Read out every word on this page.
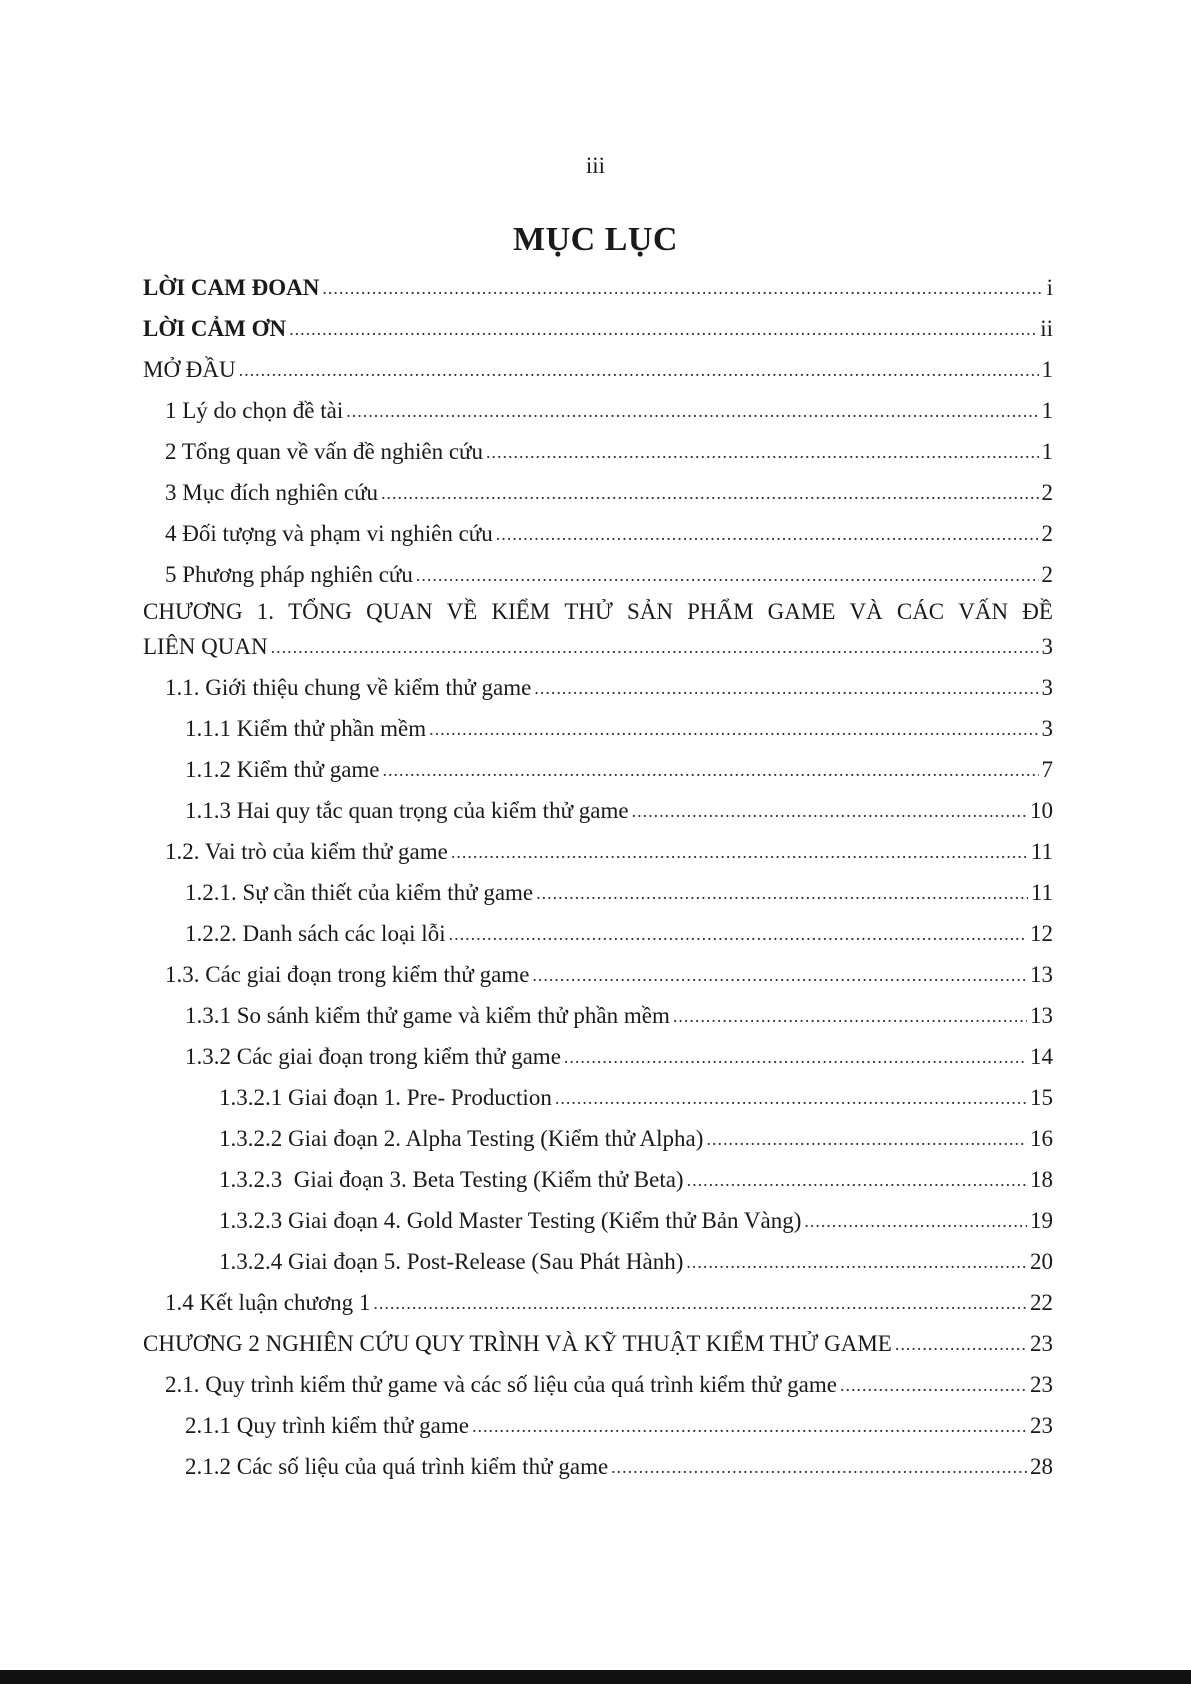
iii
MỤC LỤC
LỜI CAM ĐOAN .....	i
LỜI CẢM ƠN .....	ii
MỞ ĐẦU .....	1
1 Lý do chọn đề tài .....	1
2 Tổng quan về vấn đề nghiên cứu .....	1
3 Mục đích nghiên cứu .....	2
4 Đối tượng và phạm vi nghiên cứu .....	2
5 Phương pháp nghiên cứu .....	2
CHƯƠNG 1. TỔNG QUAN VỀ KIỂM THỬ SẢN PHẨM GAME VÀ CÁC VẤN ĐỀ
LIÊN QUAN .....	3
1.1. Giới thiệu chung về kiểm thử game .....	3
1.1.1 Kiểm thử phần mềm .....	3
1.1.2 Kiểm thử game .....	7
1.1.3 Hai quy tắc quan trọng của kiểm thử game .....	10
1.2. Vai trò của kiểm thử game .....	11
1.2.1. Sự cần thiết của kiểm thử game .....	11
1.2.2. Danh sách các loại lỗi .....	12
1.3. Các giai đoạn trong kiểm thử game .....	13
1.3.1 So sánh kiểm thử game và kiểm thử phần mềm .....	13
1.3.2 Các giai đoạn trong kiểm thử game .....	14
1.3.2.1 Giai đoạn 1. Pre- Production .....	15
1.3.2.2 Giai đoạn 2. Alpha Testing (Kiểm thử Alpha) .....	16
1.3.2.3  Giai đoạn 3. Beta Testing (Kiểm thử Beta) .....	18
1.3.2.3 Giai đoạn 4. Gold Master Testing (Kiểm thử Bản Vàng) .....	19
1.3.2.4 Giai đoạn 5. Post-Release (Sau Phát Hành) .....	20
1.4 Kết luận chương 1 .....	22
CHƯƠNG 2 NGHIÊN CỨU QUY TRÌNH VÀ KỸ THUẬT KIỂM THỬ GAME .....	23
2.1. Quy trình kiểm thử game và các số liệu của quá trình kiểm thử game .....	23
2.1.1 Quy trình kiểm thử game .....	23
2.1.2 Các số liệu của quá trình kiểm thử game .....	28
